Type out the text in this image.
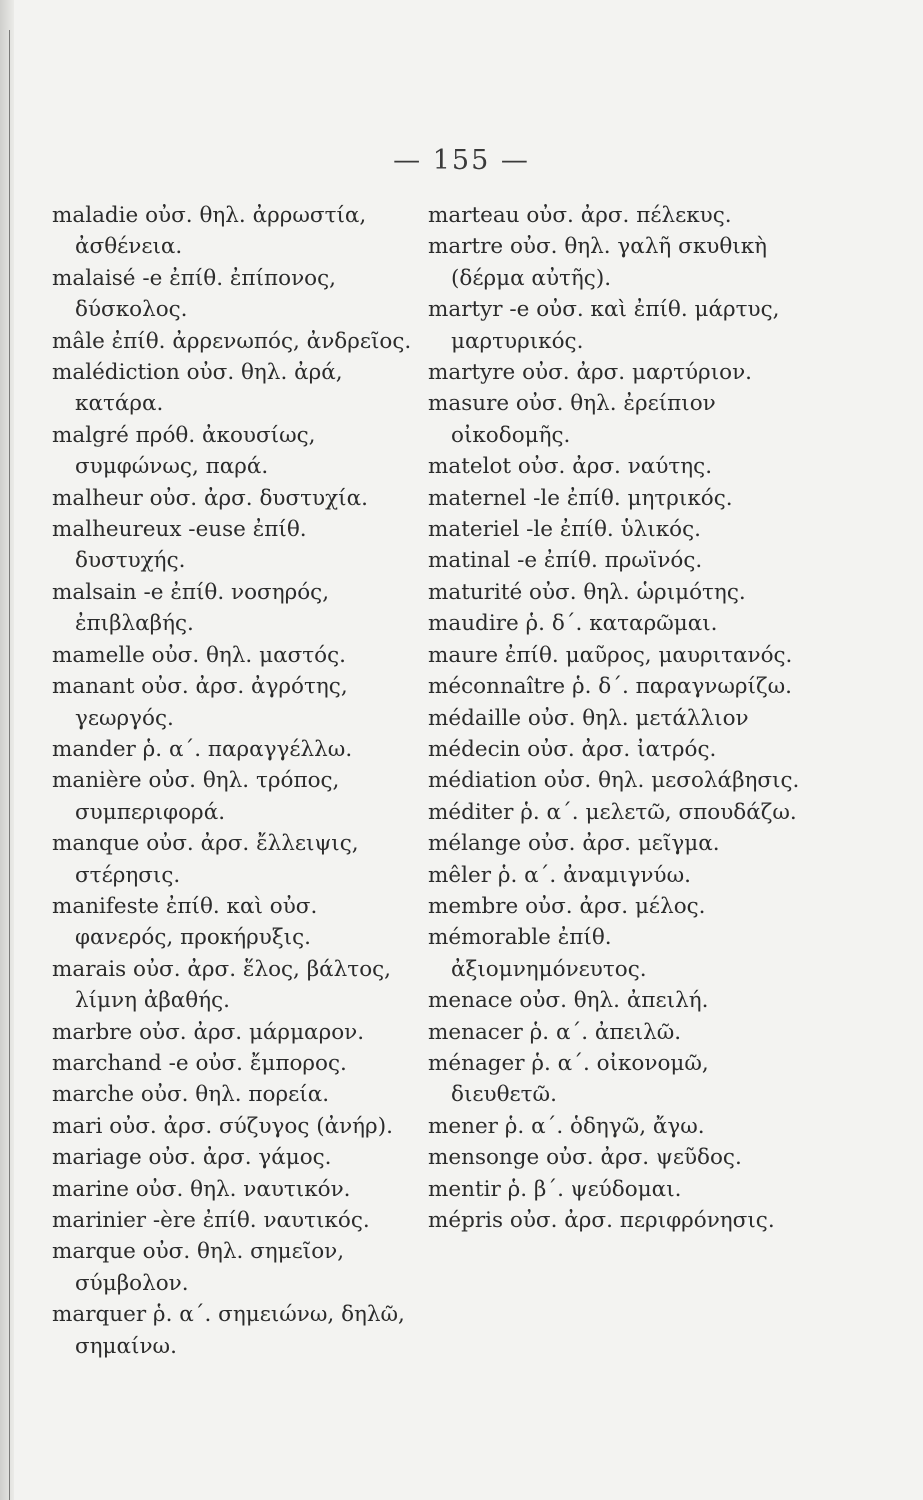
— 155 —

maladie οὐσ. θηλ. ἀρρωστία, ἀσθένεια.

malaisé -e ἐπίθ. ἐπίπονος, δύσκολος.

mâle ἐπίθ. ἀρρενωπός, ἀνδρεῖος.

malédiction οὐσ. θηλ. ἀρά, κατάρα.

malgré πρόθ. ἀκουσίως, συμφώνως, παρά.

malheur οὐσ. ἀρσ. δυστυχία.

malheureux -euse ἐπίθ. δυστυχής.

malsain -e ἐπίθ. νοσηρός, ἐπιβλαβής.

mamelle οὐσ. θηλ. μαστός.

manant οὐσ. ἀρσ. ἀγρότης, γεωργός.

mander ῥ. α΄. παραγγέλλω.

manière οὐσ. θηλ. τρόπος, συμπεριφορά.

manque οὐσ. ἀρσ. ἔλλειψις, στέρησις.

manifeste ἐπίθ. καὶ οὐσ. φανερός, προκήρυξις.

marais οὐσ. ἀρσ. ἕλος, βάλτος, λίμνη ἀβαθής.

marbre οὐσ. ἀρσ. μάρμαρον.

marchand -e οὐσ. ἔμπορος.

marche οὐσ. θηλ. πορεία.

mari οὐσ. ἀρσ. σύζυγος (ἀνήρ).

mariage οὐσ. ἀρσ. γάμος.

marine οὐσ. θηλ. ναυτικόν.

marinier -ère ἐπίθ. ναυτικός.

marque οὐσ. θηλ. σημεῖον, σύμβολον.

marquer ῥ. α΄. σημειώνω, δηλῶ, σημαίνω.

marteau οὐσ. ἀρσ. πέλεκυς.

martre οὐσ. θηλ. γαλῆ σκυθικὴ (δέρμα αὐτῆς).

martyr -e οὐσ. καὶ ἐπίθ. μάρτυς, μαρτυρικός.

martyre οὐσ. ἀρσ. μαρτύριον.

masure οὐσ. θηλ. ἐρείπιον οἰκοδομῆς.

matelot οὐσ. ἀρσ. ναύτης.

maternel -le ἐπίθ. μητρικός.

materiel -le ἐπίθ. ὑλικός.

matinal -e ἐπίθ. πρωϊνός.

maturité οὐσ. θηλ. ὡριμότης.

maudire ῥ. δ΄. καταρῶμαι.

maure ἐπίθ. μαῦρος, μαυριτανός.

méconnaître ῥ. δ΄. παραγνωρίζω.

médaille οὐσ. θηλ. μετάλλιον

médecin οὐσ. ἀρσ. ἰατρός.

médiation οὐσ. θηλ. μεσολάβησις.

méditer ῥ. α΄. μελετῶ, σπουδάζω.

mélange οὐσ. ἀρσ. μεῖγμα.

mêler ῥ. α΄. ἀναμιγνύω.

membre οὐσ. ἀρσ. μέλος.

mémorable ἐπίθ. ἀξιομνημόνευτος.

menace οὐσ. θηλ. ἀπειλή.

menacer ῥ. α΄. ἀπειλῶ.

ménager ῥ. α΄. οἰκονομῶ, διευθετῶ.

mener ῥ. α΄. ὁδηγῶ, ἄγω.

mensonge οὐσ. ἀρσ. ψεῦδος.

mentir ῥ. β΄. ψεύδομαι.

mépris οὐσ. ἀρσ. περιφρόνησις.
